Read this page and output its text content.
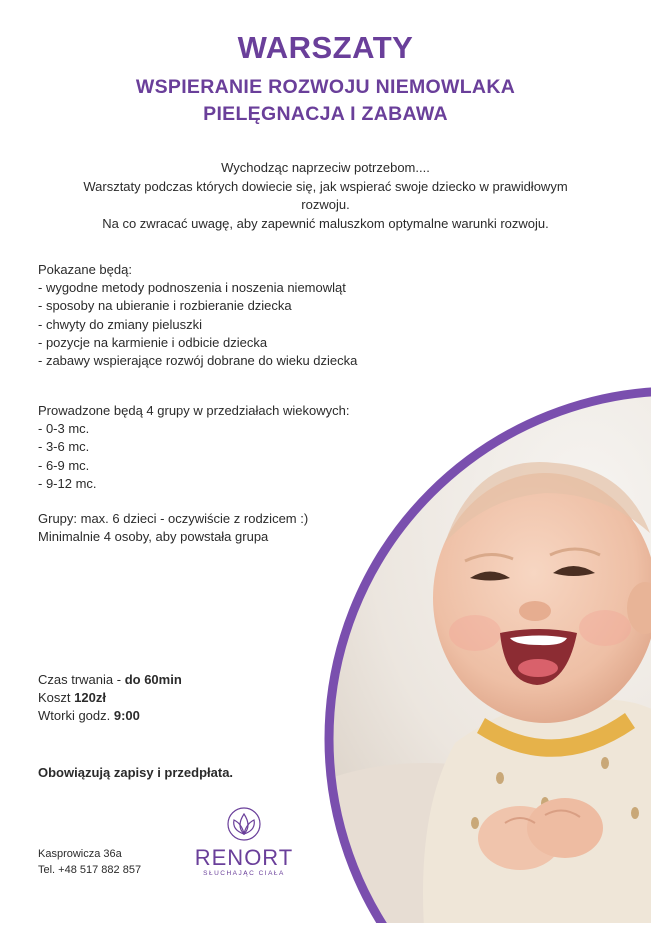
WARSZATY
WSPIERANIE ROZWOJU NIEMOWLAKA
PIELĘGNACJA I ZABAWA
Wychodząc naprzeciw potrzebom....
Warsztaty podczas których dowiecie się, jak wspierać swoje dziecko w prawidłowym
rozwoju.
Na co zwracać uwagę, aby zapewnić maluszkom optymalne warunki rozwoju.
Pokazane będą:
- wygodne metody podnoszenia i noszenia niemowląt
- sposoby na ubieranie i rozbieranie dziecka
- chwyty do zmiany pieluszki
- pozycje na karmienie i odbicie dziecka
- zabawy wspierające rozwój dobrane do wieku dziecka
Prowadzone będą 4 grupy w przedziałach wiekowych:
- 0-3 mc.
- 3-6 mc.
- 6-9 mc.
- 9-12 mc.
Grupy: max. 6 dzieci - oczywiście z rodzicem :)
Minimalnie 4 osoby, aby powstała grupa
Czas trwania - do 60min
Koszt 120zł
Wtorki godz. 9:00
Obowiązują zapisy i przedpłata.
Kasprowicza 36a
Tel. +48 517 882 857 RENORT
SŁUCHAJĄC CIAŁA
